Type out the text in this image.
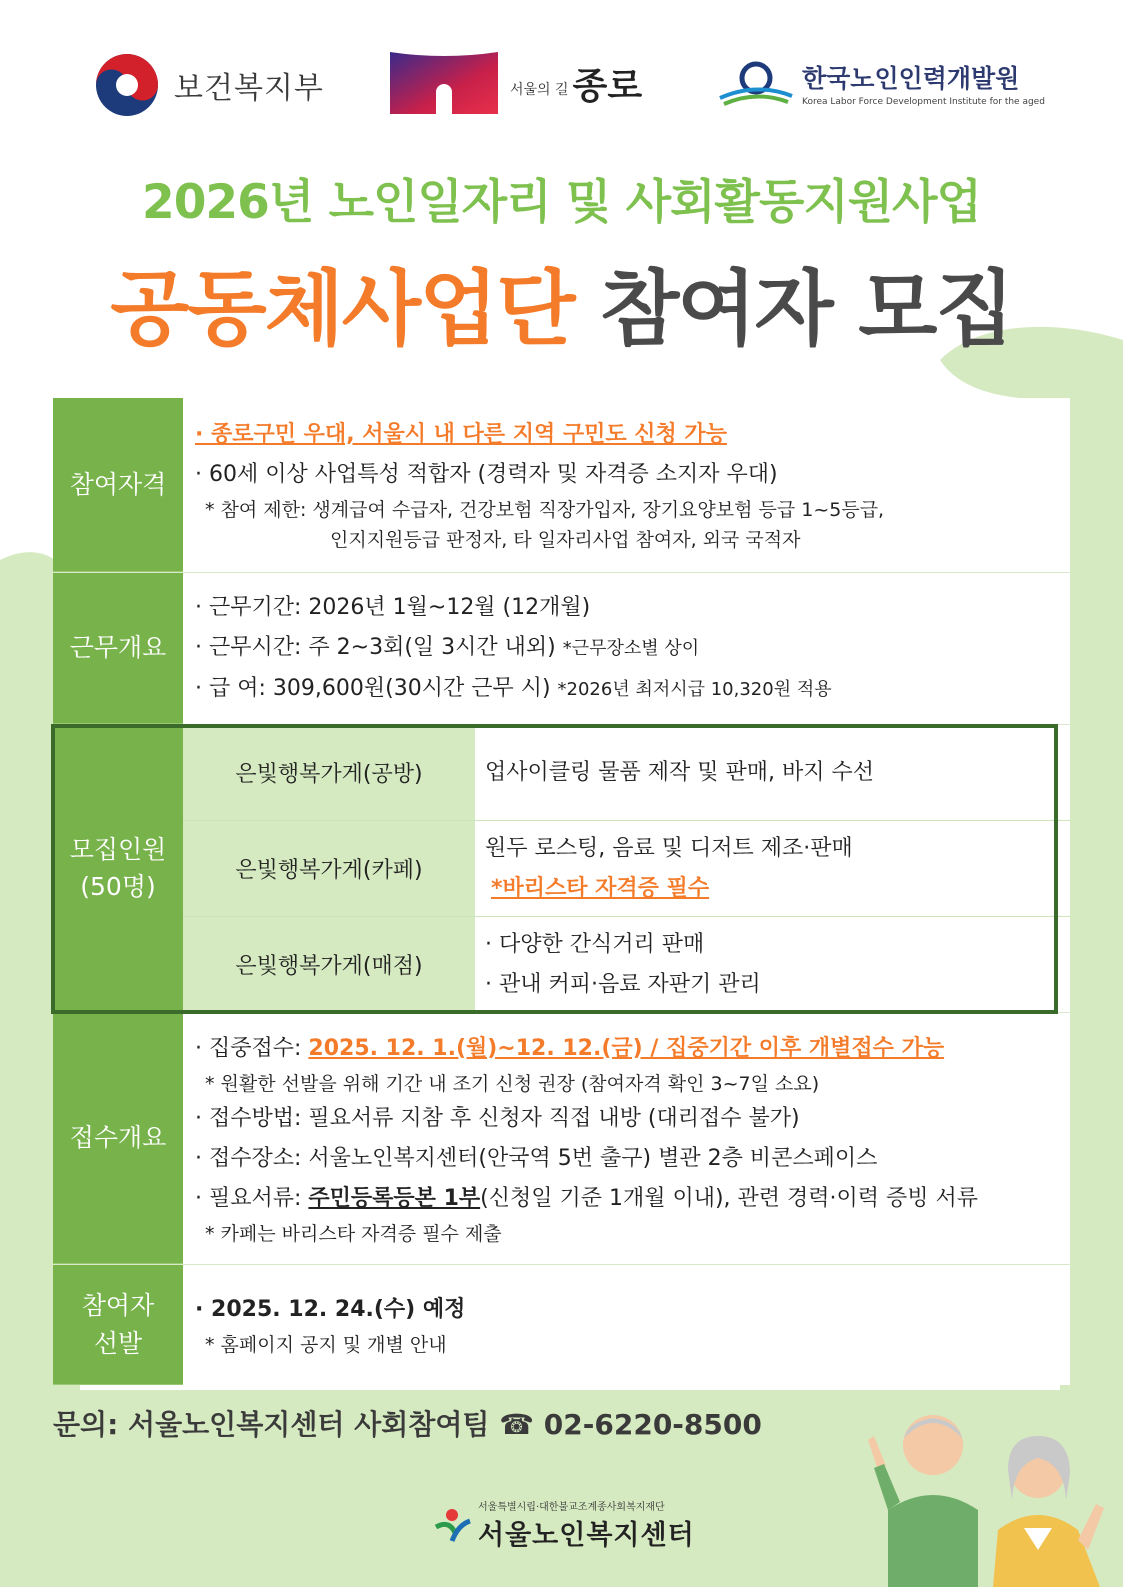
보건복지부	서울의 길 종로	한국노인인력개발원
Korea Labor Force Development Institute for the aged
2026년 노인일자리 및 사회활동지원사업
공동체사업단 참여자 모집
참여자격
· 종로구민 우대, 서울시 내 다른 지역 구민도 신청 가능
· 60세 이상 사업특성 적합자 (경력자 및 자격증 소지자 우대)
* 참여 제한: 생계급여 수급자, 건강보험 직장가입자, 장기요양보험 등급 1~5등급,
인지지원등급 판정자, 타 일자리사업 참여자, 외국 국적자
근무개요
· 근무기간: 2026년 1월~12월 (12개월)
· 근무시간: 주 2~3회(일 3시간 내외) *근무장소별 상이
· 급 여: 309,600원(30시간 근무 시) *2026년 최저시급 10,320원 적용
모집인원
(50명)
은빛행복가게(공방)	업사이클링 물품 제작 및 판매, 바지 수선
은빛행복가게(카페)
원두 로스팅, 음료 및 디저트 제조·판매
*바리스타 자격증 필수
은빛행복가게(매점)
· 다양한 간식거리 판매
· 관내 커피·음료 자판기 관리
접수개요
· 집중접수: 2025. 12. 1.(월)~12. 12.(금) / 집중기간 이후 개별접수 가능
* 원활한 선발을 위해 기간 내 조기 신청 권장 (참여자격 확인 3~7일 소요)
· 접수방법: 필요서류 지참 후 신청자 직접 내방 (대리접수 불가)
· 접수장소: 서울노인복지센터(안국역 5번 출구) 별관 2층 비콘스페이스
· 필요서류: 주민등록등본 1부(신청일 기준 1개월 이내), 관련 경력·이력 증빙 서류
* 카페는 바리스타 자격증 필수 제출
참여자
선발
· 2025. 12. 24.(수) 예정
* 홈페이지 공지 및 개별 안내
문의: 서울노인복지센터 사회참여팀 ☎ 02-6220-8500
서울특별시립·대한불교조계종사회복지재단
서울노인복지센터
